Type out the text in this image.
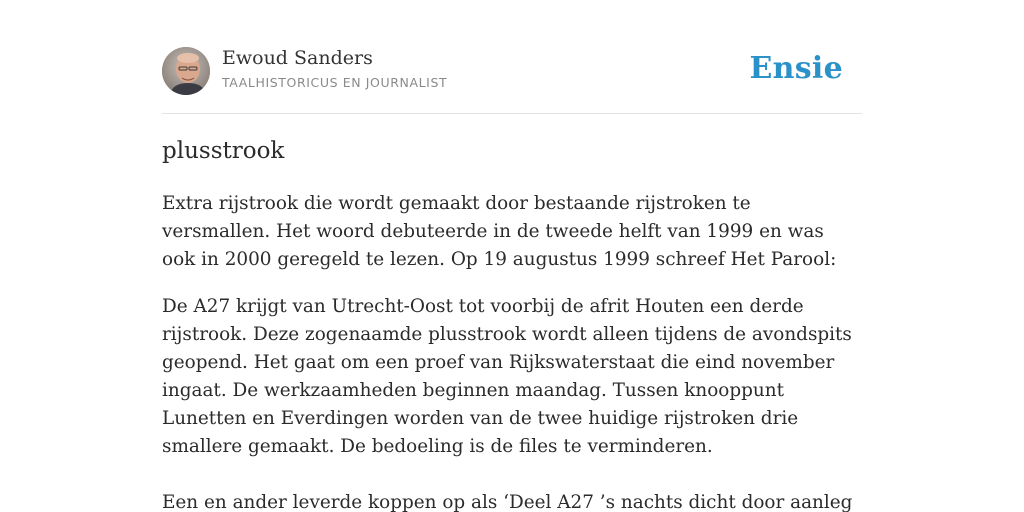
Ewoud Sanders
TAALHISTORICUS EN JOURNALIST	Ensie
plusstrook

Extra rijstrook die wordt gemaakt door bestaande rijstroken te versmallen. Het woord debuteerde in de tweede helft van 1999 en was ook in 2000 geregeld te lezen. Op 19 augustus 1999 schreef Het Parool:

De A27 krijgt van Utrecht-Oost tot voorbij de afrit Houten een derde rijstrook. Deze zogenaamde plusstrook wordt alleen tijdens de avondspits geopend. Het gaat om een proef van Rijkswaterstaat die eind november ingaat. De werkzaamheden beginnen maandag. Tussen knooppunt Lunetten en Everdingen worden van de twee huidige rijstroken drie smallere gemaakt. De bedoeling is de files te verminderen.

Een en ander leverde koppen op als ‘Deel A27 ’s nachts dicht door aanleg
